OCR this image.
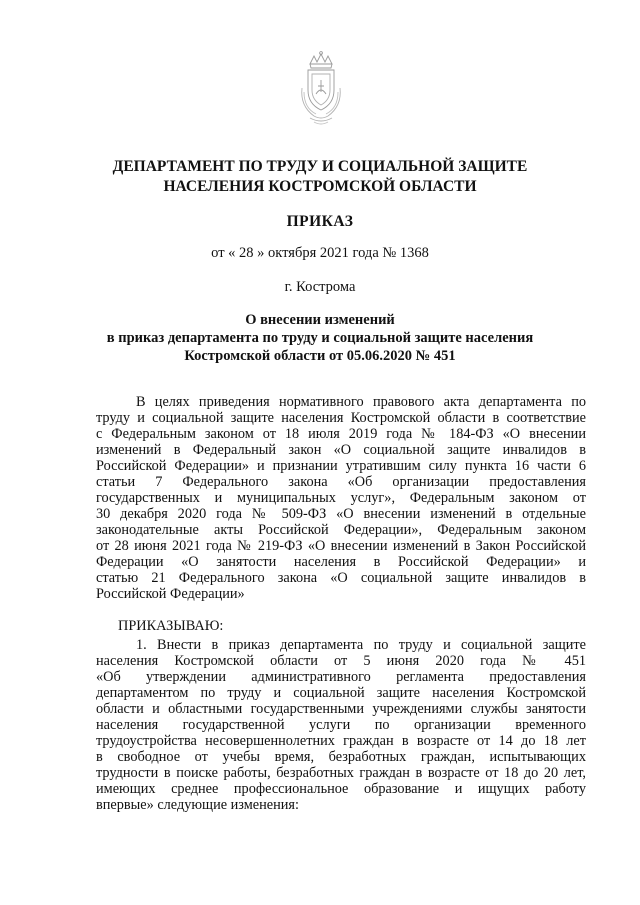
ДЕПАРТАМЕНТ ПО ТРУДУ И СОЦИАЛЬНОЙ ЗАЩИТЕ
НАСЕЛЕНИЯ КОСТРОМСКОЙ ОБЛАСТИ
ПРИКАЗ
от « 28 » октября 2021 года № 1368
г. Кострома
О внесении изменений
в приказ департамента по труду и социальной защите населения
Костромской области от 05.06.2020 № 451
В целях приведения нормативного правового акта департамента по
труду и социальной защите населения Костромской области в соответствие
с Федеральным законом от 18 июля 2019 года № 184-ФЗ «О внесении
изменений в Федеральный закон «О социальной защите инвалидов в
Российской Федерации» и признании утратившим силу пункта 16 части 6
статьи 7 Федерального закона «Об организации предоставления
государственных и муниципальных услуг», Федеральным законом от
30 декабря 2020 года № 509-ФЗ «О внесении изменений в отдельные
законодательные акты Российской Федерации», Федеральным законом
от 28 июня 2021 года № 219-ФЗ «О внесении изменений в Закон Российской
Федерации «О занятости населения в Российской Федерации» и
статью 21 Федерального закона «О социальной защите инвалидов в
Российской Федерации»
ПРИКАЗЫВАЮ:
1. Внести в приказ департамента по труду и социальной защите
населения Костромской области от 5 июня 2020 года № 451
«Об утверждении административного регламента предоставления
департаментом по труду и социальной защите населения Костромской
области и областными государственными учреждениями службы занятости
населения государственной услуги по организации временного
трудоустройства несовершеннолетних граждан в возрасте от 14 до 18 лет
в свободное от учебы время, безработных граждан, испытывающих
трудности в поиске работы, безработных граждан в возрасте от 18 до 20 лет,
имеющих среднее профессиональное образование и ищущих работу
впервые» следующие изменения:
